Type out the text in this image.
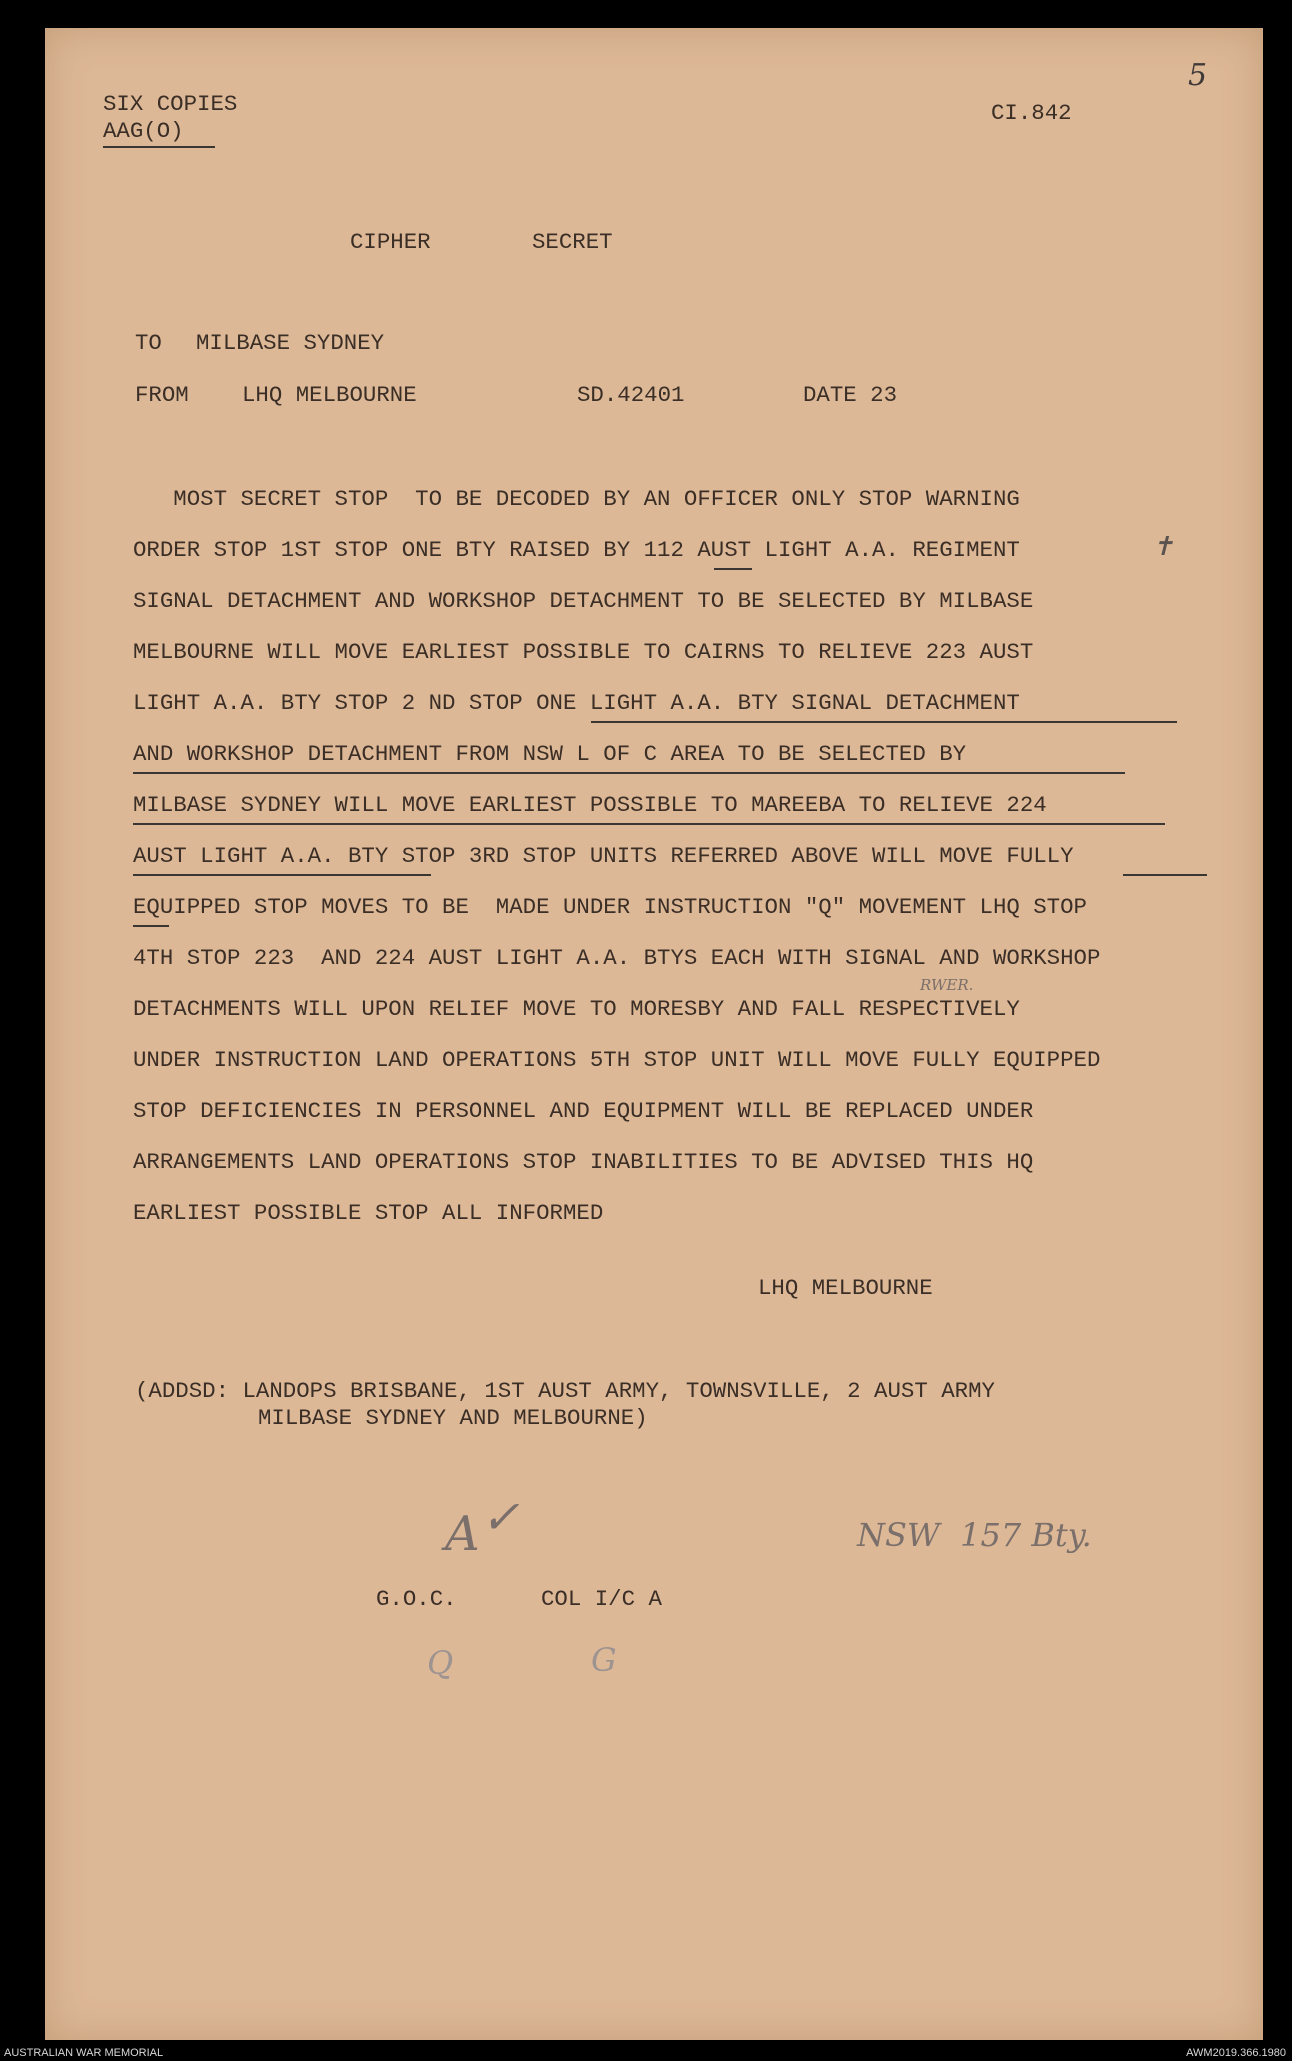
SIX COPIES

AAG(O)

CI.842

5

CIPHER	SECRET

TO MILBASE SYDNEY

FROM LHQ MELBOURNE	SD.42401	DATE 23

MOST SECRET STOP  TO BE DECODED BY AN OFFICER ONLY STOP WARNING

ORDER STOP 1ST STOP ONE BTY RAISED BY 112 AUST LIGHT A.A. REGIMENT

SIGNAL DETACHMENT AND WORKSHOP DETACHMENT TO BE SELECTED BY MILBASE

MELBOURNE WILL MOVE EARLIEST POSSIBLE TO CAIRNS TO RELIEVE 223 AUST

LIGHT A.A. BTY STOP 2 ND STOP ONE LIGHT A.A. BTY SIGNAL DETACHMENT

AND WORKSHOP DETACHMENT FROM NSW L OF C AREA TO BE SELECTED BY

MILBASE SYDNEY WILL MOVE EARLIEST POSSIBLE TO MAREEBA TO RELIEVE 224

AUST LIGHT A.A. BTY STOP 3RD STOP UNITS REFERRED ABOVE WILL MOVE FULLY

EQUIPPED STOP MOVES TO BE  MADE UNDER INSTRUCTION "Q" MOVEMENT LHQ STOP

4TH STOP 223  AND 224 AUST LIGHT A.A. BTYS EACH WITH SIGNAL AND WORKSHOP

DETACHMENTS WILL UPON RELIEF MOVE TO MORESBY AND FALL RESPECTIVELY

UNDER INSTRUCTION LAND OPERATIONS 5TH STOP UNIT WILL MOVE FULLY EQUIPPED

STOP DEFICIENCIES IN PERSONNEL AND EQUIPMENT WILL BE REPLACED UNDER

ARRANGEMENTS LAND OPERATIONS STOP INABILITIES TO BE ADVISED THIS HQ

EARLIEST POSSIBLE STOP ALL INFORMED

RWER.

✝

LHQ MELBOURNE

(ADDSD: LANDOPS BRISBANE, 1ST AUST ARMY, TOWNSVILLE, 2 AUST ARMY

MILBASE SYDNEY AND MELBOURNE)

A ✓	NSW  157 Bty.

G.O.C.	COL I/C A

Q	G

AUSTRALIAN WAR MEMORIAL	AWM2019.366.1980
